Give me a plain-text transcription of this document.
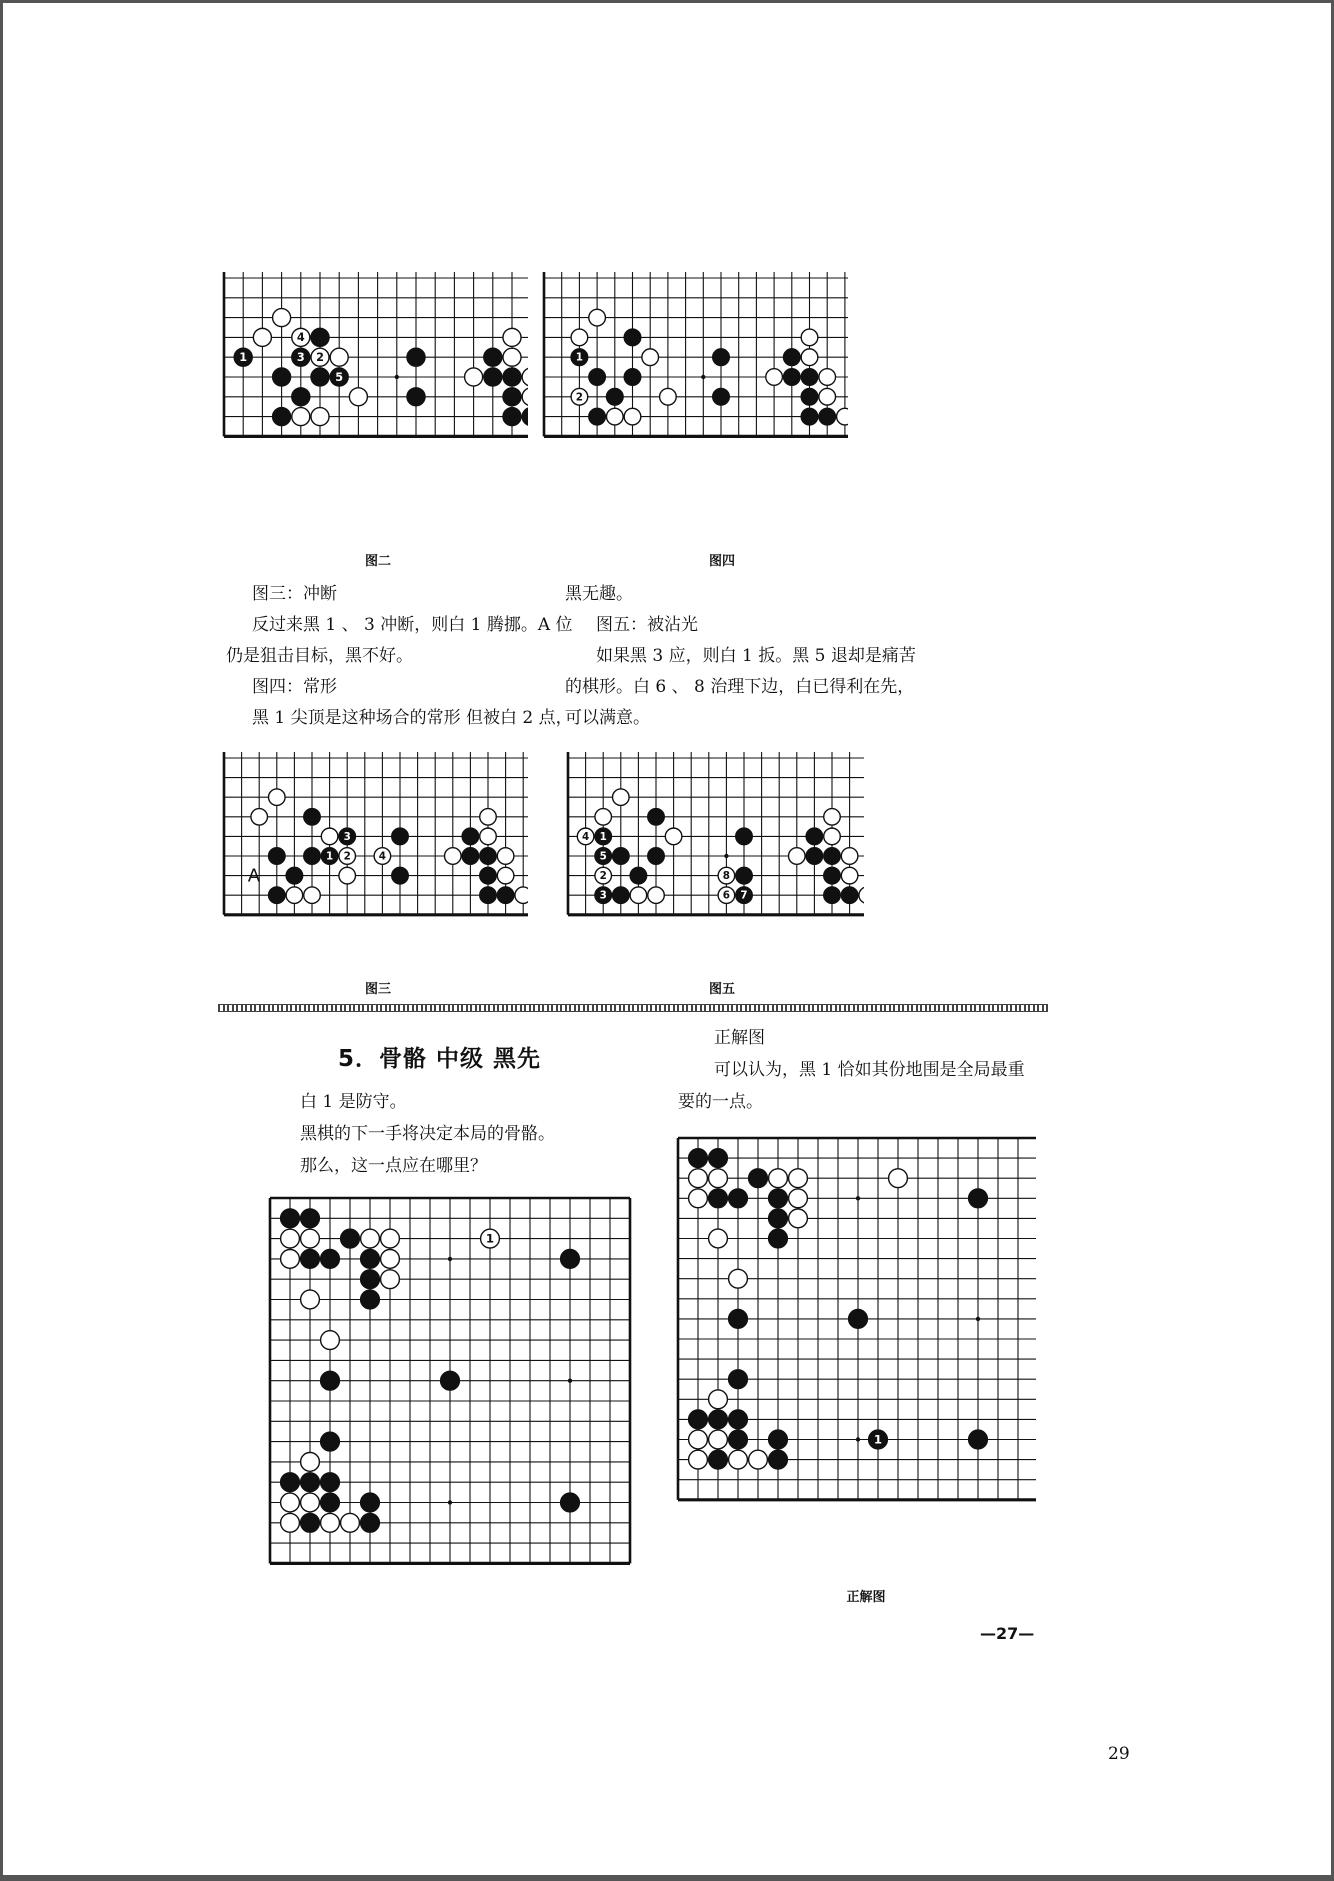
4
1	3 2
5
图二
1
2
图四
图三：冲断
反过来黑 1 、 3 冲断，则白 1 腾挪。A 位
仍是狙击目标，黑不好。
图四：常形
黑 1 尖顶是这种场合的常形 但被白 2 点，
黑无趣。
图五：被沾光
如果黑 3 应，则白 1 扳。黑 5 退却是痛苦
的棋形。白 6 、 8 治理下边，白已得利在先，
可以满意。
3
1 2	4
A
图三
4 1
5
2	8
3	6 7
图五
5．骨骼 中级 黑先
白 1 是防守。
黑棋的下一手将决定本局的骨骼。
那么，这一点应在哪里？
正解图
可以认为，黑 1 恰如其份地围是全局最重
要的一点。
1
1
正解图
—27—
29
